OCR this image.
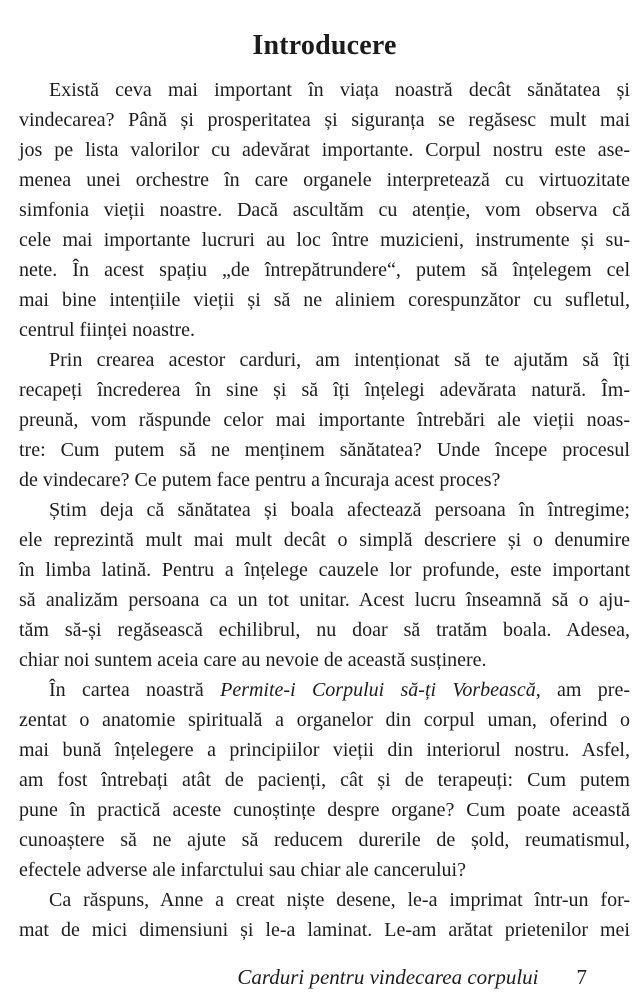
Introducere
Există ceva mai important în viața noastră decât sănătatea și
vindecarea? Până și prosperitatea și siguranța se regăsesc mult mai
jos pe lista valorilor cu adevărat importante. Corpul nostru este ase-
menea unei orchestre în care organele interpretează cu virtuozitate
simfonia vieții noastre. Dacă ascultăm cu atenție, vom observa că
cele mai importante lucruri au loc între muzicieni, instrumente și su-
nete. În acest spațiu „de întrepătrundere“, putem să înțelegem cel
mai bine intențiile vieții și să ne aliniem corespunzător cu sufletul,
centrul ființei noastre.
Prin crearea acestor carduri, am intenționat să te ajutăm să îți
recapeți încrederea în sine și să îți înțelegi adevărata natură. Îm-
preună, vom răspunde celor mai importante întrebări ale vieții noas-
tre: Cum putem să ne menținem sănătatea? Unde începe procesul
de vindecare? Ce putem face pentru a încuraja acest proces?
Știm deja că sănătatea și boala afectează persoana în întregime;
ele reprezintă mult mai mult decât o simplă descriere și o denumire
în limba latină. Pentru a înțelege cauzele lor profunde, este important
să analizăm persoana ca un tot unitar. Acest lucru înseamnă să o aju-
tăm să-și regăsească echilibrul, nu doar să tratăm boala. Adesea,
chiar noi suntem aceia care au nevoie de această susținere.
În cartea noastră Permite-i Corpului să-ți Vorbească, am pre-
zentat o anatomie spirituală a organelor din corpul uman, oferind o
mai bună înțelegere a principiilor vieții din interiorul nostru. Asfel,
am fost întrebați atât de pacienți, cât și de terapeuți: Cum putem
pune în practică aceste cunoștințe despre organe? Cum poate această
cunoaștere să ne ajute să reducem durerile de șold, reumatismul,
efectele adverse ale infarctului sau chiar ale cancerului?
Ca răspuns, Anne a creat niște desene, le-a imprimat într-un for-
mat de mici dimensiuni și le-a laminat. Le-am arătat prietenilor mei
Carduri pentru vindecarea corpului 7
